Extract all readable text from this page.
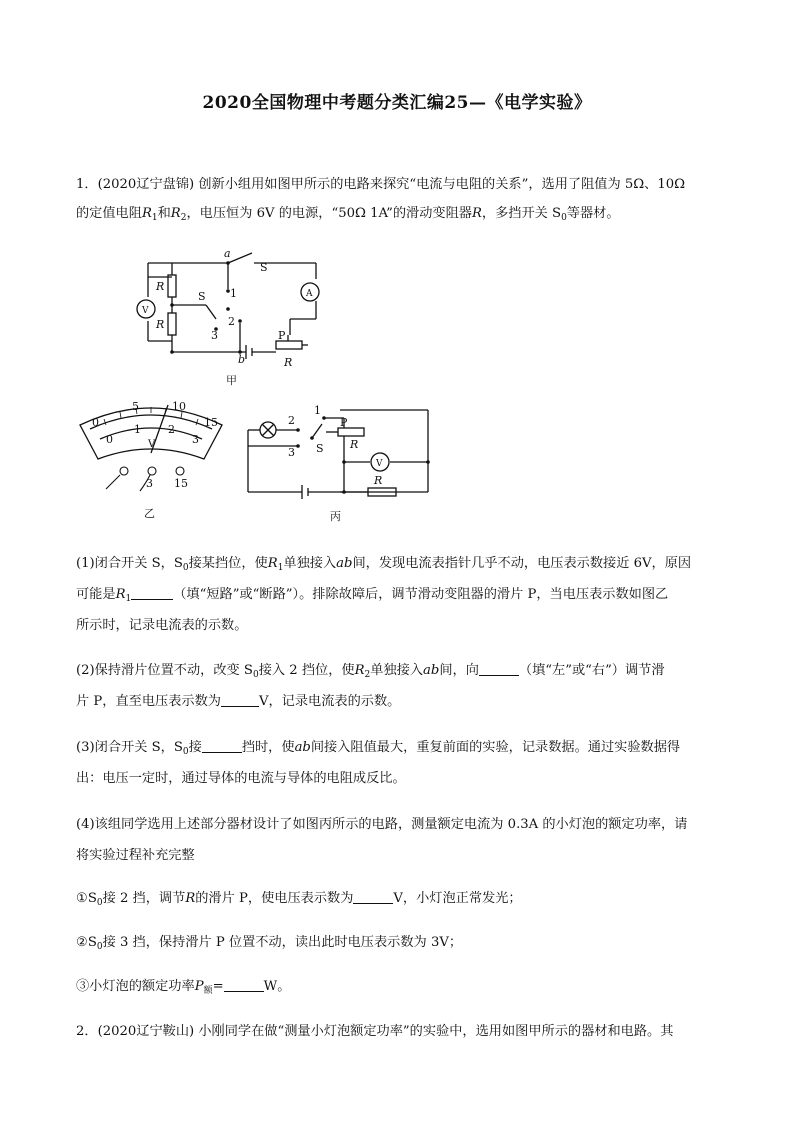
2020全国物理中考题分类汇编25—《电学实验》
1．(2020辽宁盘锦) 创新小组用如图甲所示的电路来探究“电流与电阻的关系”，选用了阻值为 5Ω、10Ω
的定值电阻$R_1$和$R_2$，电压恒为 6V 的电源，“50Ω 1A”的滑动变阻器R，多挡开关 $S_0$等器材。
a
S
A
V
R
R
S 1
2
3
b
P
R
甲
0
5	10
15
0
1 2
3
V
3 15
乙
2
3
1
S
P
R
V
R
丙
(1)闭合开关 S，$S_0$接某挡位，使$R_1$单独接入ab间，发现电流表指针几乎不动，电压表示数接近 6V，原因
可能是$R_1$	（填“短路”或“断路”）。排除故障后，调节滑动变阻器的滑片 P，当电压表示数如图乙
所示时，记录电流表的示数。
(2)保持滑片位置不动，改变 $S_0$接入 2 挡位，使$R_2$单独接入ab间，向	（填“左”或“右”）调节滑
片 P，直至电压表示数为	V，记录电流表的示数。
(3)闭合开关 S，$S_0$接	挡时，使ab间接入阻值最大，重复前面的实验，记录数据。通过实验数据得
出：电压一定时，通过导体的电流与导体的电阻成反比。
(4)该组同学选用上述部分器材设计了如图丙所示的电路，测量额定电流为 0.3A 的小灯泡的额定功率，请
将实验过程补充完整
$①S_0$接 2 挡，调节R的滑片 P，使电压表示数为	V，小灯泡正常发光；
$②S_0$接 3 挡，保持滑片 P 位置不动，读出此时电压表示数为 3V；
③小灯泡的额定功率$P_额=$	W。
2．(2020辽宁鞍山) 小刚同学在做“测量小灯泡额定功率”的实验中，选用如图甲所示的器材和电路。其
